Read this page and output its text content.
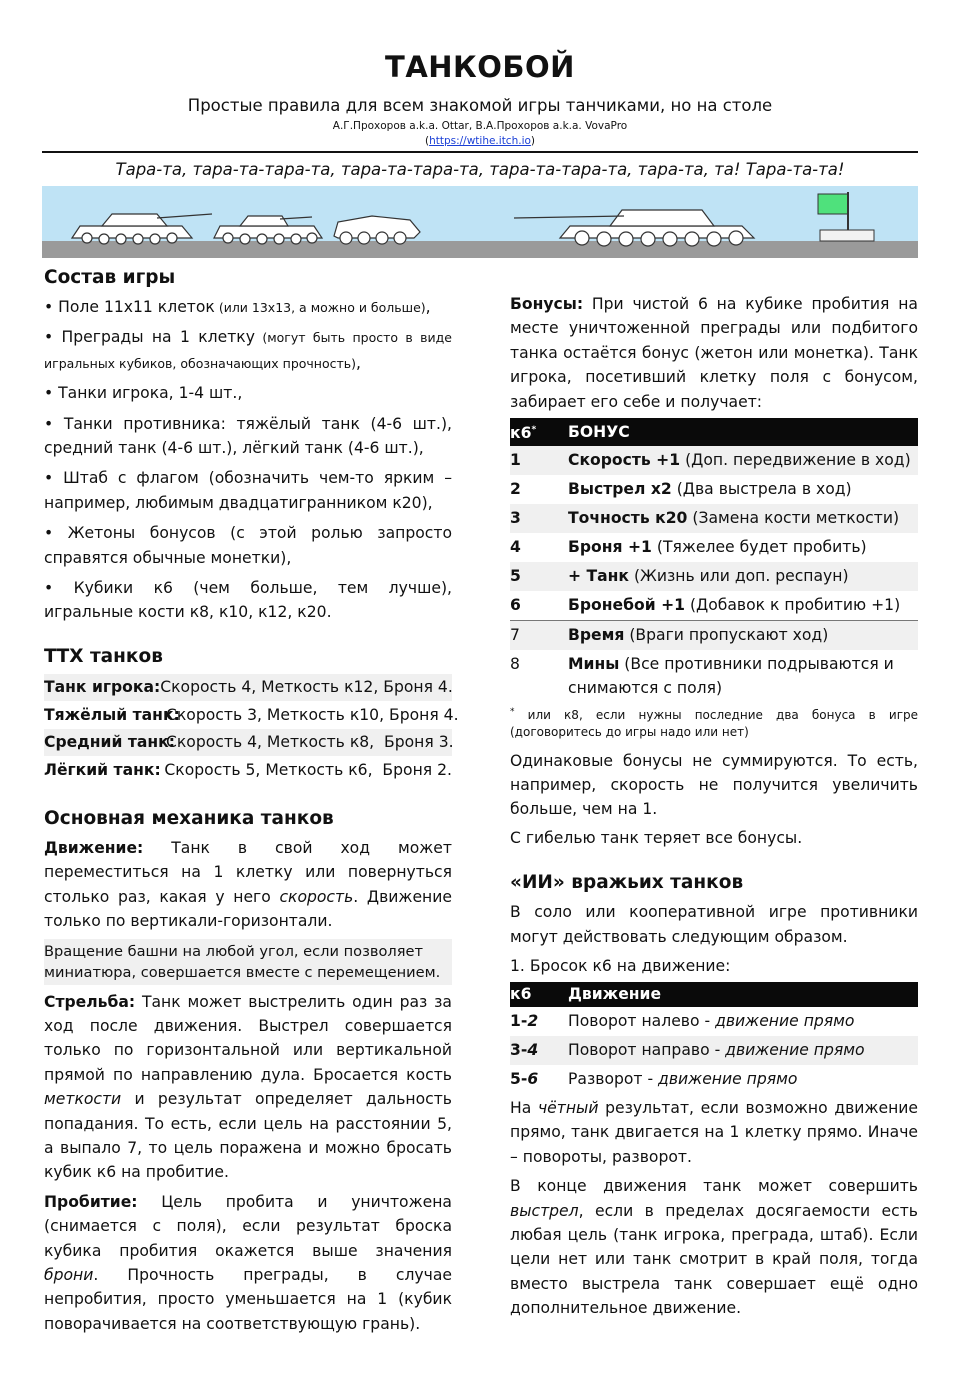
ТАНКОБОЙ
Простые правила для всем знакомой игры танчиками, но на столе
А.Г.Прохоров a.k.a. Ottar, В.А.Прохоров a.k.a. VovaPro
(https://wtihe.itch.io)
Тара-та, тара-та-тара-та, тара-та-тара-та, тара-та-тара-та, тара-та, та! Тара-та-та!
Состав игры
• Поле 11х11 клеток (или 13х13, а можно и больше),
• Преграды на 1 клетку (могут быть просто в виде игральных кубиков, обозначающих прочность),
• Танки игрока, 1-4 шт.,
• Танки противника: тяжёлый танк (4-6 шт.), средний танк (4-6 шт.), лёгкий танк (4-6 шт.),
• Штаб с флагом (обозначить чем-то ярким – например, любимым двадцатигранником к20),
• Жетоны бонусов (с этой ролью запросто справятся обычные монетки),
• Кубики к6 (чем больше, тем лучше), игральные кости к8, к10, к12, к20.
ТТХ танков
Танк игрока: Скорость 4, Меткость к12, Броня 4.
Тяжёлый танк:
Скорость 3, Меткость к10, Броня 4.
Средний танк:
Скорость 4, Меткость к8,  Броня 3.
Лёгкий танк: Скорость 5, Меткость к6,  Броня 2.
Основная механика танков
Движение: Танк в свой ход может переместиться на 1 клетку или повернуться столько раз, какая у него скорость. Движение только по вертикали-горизонтали.
Вращение башни на любой угол, если позволяет миниатюра, совершается вместе с перемещением.
Стрельба: Танк может выстрелить один раз за ход после движения. Выстрел совершается только по горизонтальной или вертикальной прямой по направлению дула. Бросается кость меткости и результат определяет дальность попадания. То есть, если цель на расстоянии 5, а выпало 7, то цель поражена и можно бросать кубик к6 на пробитие.
Пробитие: Цель пробита и уничтожена (снимается с поля), если результат броска кубика пробития окажется выше значения брони. Прочность преграды, в случае непробития, просто уменьшается на 1 (кубик поворачивается на соответствующую грань).
Бонусы: При чистой 6 на кубике пробития на месте уничтоженной преграды или подбитого танка остаётся бонус (жетон или монетка). Танк игрока, посетивший клетку поля с бонусом, забирает его себе и получает:
к6*	БОНУС
1	Скорость +1 (Доп. передвижение в ход)
2	Выстрел х2 (Два выстрела в ход)
3	Точность к20 (Замена кости меткости)
4	Броня +1 (Тяжелее будет пробить)
5	+ Танк (Жизнь или доп. респаун)
6	Бронебой +1 (Добавок к пробитию +1)
7	Время (Враги пропускают ход)
8	Мины (Все противники подрываются и снимаются с поля)
* или к8, если нужны последние два бонуса в игре (договоритесь до игры надо или нет)
Одинаковые бонусы не суммируются. То есть, например, скорость не получится увеличить больше, чем на 1.
С гибелью танк теряет все бонусы.
«ИИ» вражьих танков
В соло или кооперативной игре противники могут действовать следующим образом.
1. Бросок к6 на движение:
к6	Движение
1-2	Поворот налево - движение прямо
3-4	Поворот направо - движение прямо
5-6	Разворот - движение прямо
На чётный результат, если возможно движение прямо, танк двигается на 1 клетку прямо. Иначе – повороты, разворот.
В конце движения танк может совершить выстрел, если в пределах досягаемости есть любая цель (танк игрока, преграда, штаб). Если цели нет или танк смотрит в край поля, тогда вместо выстрела танк совершает ещё одно дополнительное движение.
